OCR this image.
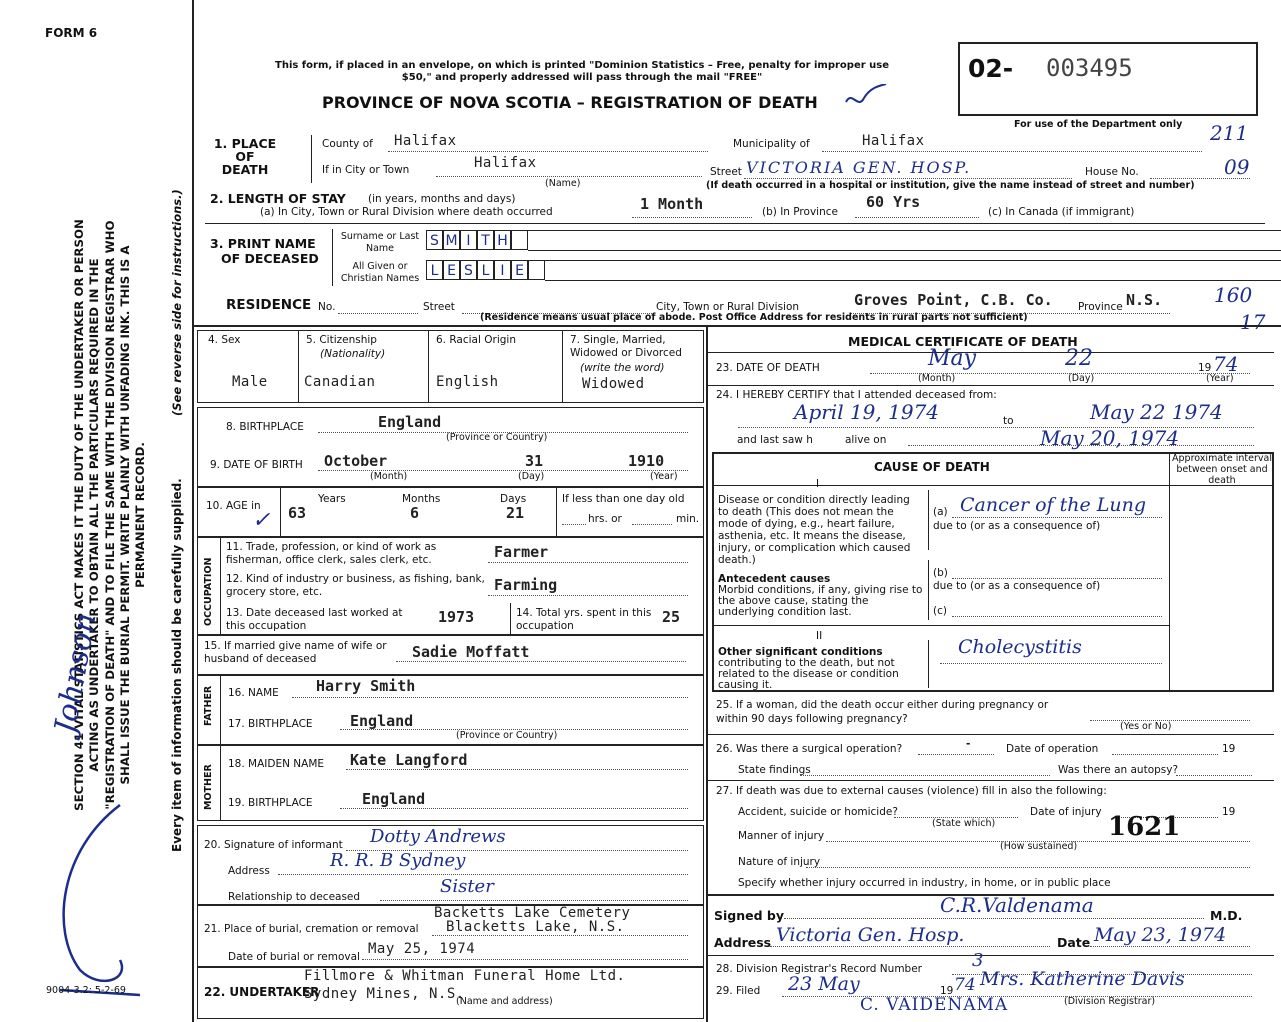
FORM 6
SECTION 41 VITAL STATISTICS ACT MAKES IT THE DUTY OF THE UNDERTAKER OR PERSON ACTING AS UNDERTAKER TO OBTAIN ALL THE PARTICULARS REQUIRED IN THE "REGISTRATION OF DEATH" AND TO FILE THE SAME WITH THE DIVISION REGISTRAR WHO SHALL ISSUE THE BURIAL PERMIT. WRITE PLAINLY WITH UNFADING INK. THIS IS A PERMANENT RECORD.
(See reverse side for instructions.)
Every item of information should be carefully supplied.
Johnson
9004-3.2: 5-2-69
This form, if placed in an envelope, on which is printed "Dominion Statistics – Free, penalty for improper use $50," and properly addressed will pass through the mail "FREE"
PROVINCE OF NOVA SCOTIA – REGISTRATION OF DEATH
02- 003495
For use of the Department only
1. PLACE OF DEATH
County of Halifax	Municipality of	Halifax	211
If in City or Town	Halifax
(Name)
Street VICTORIA GEN. HOSP.	House No.	09
(If death occurred in a hospital or institution, give the name instead of street and number)
2. LENGTH OF STAY (in years, months and days)
(a) In City, Town or Rural Division where death occurred	1 Month	(b) In Province
60 Yrs
(c) In Canada (if immigrant)
3. PRINT NAME
OF DECEASED
Surname or Last Name
All Given or Christian Names
S M I T H
L E S L I E
RESIDENCE No.	Street	City, Town or Rural Division	Groves Point, C.B. Co. Province N.S.	160
17
(Residence means usual place of abode. Post Office Address for residents in rural parts not sufficient)
4. Sex
Male
5. Citizenship
(Nationality)
Canadian
6. Racial Origin
English
7. Single, Married, Widowed or Divorced
(write the word)
Widowed
8. BIRTHPLACE	England
(Province or Country)
9. DATE OF BIRTH October	31	1910
(Month)	(Day)	(Year)
10. AGE in
✓
Years
63
Months
6
Days
21
If less than one day old
hrs. or	min.
OCCUPATION
11. Trade, profession, or kind of work as fisherman, office clerk, sales clerk, etc.	Farmer
12. Kind of industry or business, as fishing, bank, grocery store, etc.	Farming
13. Date deceased last worked at this occupation	1973	14. Total yrs. spent in this occupation	25
15. If married give name of wife or husband of deceased	Sadie Moffatt
FATHER 16. NAME Harry Smith
17. BIRTHPLACE England
(Province or Country)
MOTHER
18. MAIDEN NAME Kate Langford
19. BIRTHPLACE	England
20. Signature of informant Dotty Andrews
Address	R. R. B Sydney
Relationship to deceased	Sister
21. Place of burial, cremation or removal
Backetts Lake Cemetery
Blacketts Lake, N.S.
Date of burial or removal May 25, 1974
22. UNDERTAKER
Fillmore & Whitman Funeral Home Ltd.
Sydney Mines, N.S.
(Name and address)
MEDICAL CERTIFICATE OF DEATH
23. DATE OF DEATH	May	22	19 74
(Month)	(Day)	(Year)
24. I HEREBY CERTIFY that I attended deceased from:
April 19, 1974	to	May 22 1974
and last saw h	alive on	May 20, 1974
CAUSE OF DEATH
Approximate interval between onset and death
I
Disease or condition directly leading to death (This does not mean the mode of dying, e.g., heart failure, asthenia, etc. It means the disease, injury, or complication which caused death.)
(a) Cancer of the Lung
due to (or as a consequence of)
Antecedent causes
Morbid conditions, if any, giving rise to the above cause, stating the underlying condition last.
(b)
due to (or as a consequence of)
(c)
II
Other significant conditions
contributing to the death, but not related to the disease or condition causing it.
Cholecystitis
25. If a woman, did the death occur either during pregnancy or within 90 days following pregnancy?
(Yes or No)
26. Was there a surgical operation?	-	Date of operation	19
State findings	Was there an autopsy?
27. If death was due to external causes (violence) fill in also the following:
Accident, suicide or homicide?
(State which)
Date of injury	19
Manner of injury
(How sustained)
1621
Nature of injury
Specify whether injury occurred in industry, in home, or in public place
Signed by	C.R.Valdenama	M.D.
Address Victoria Gen. Hosp.	Date May 23, 1974
28. Division Registrar's Record Number	3
29. Filed 23 May	19 74 Mrs. Katherine Davis
(Division Registrar)
C. VAIDENAMA
